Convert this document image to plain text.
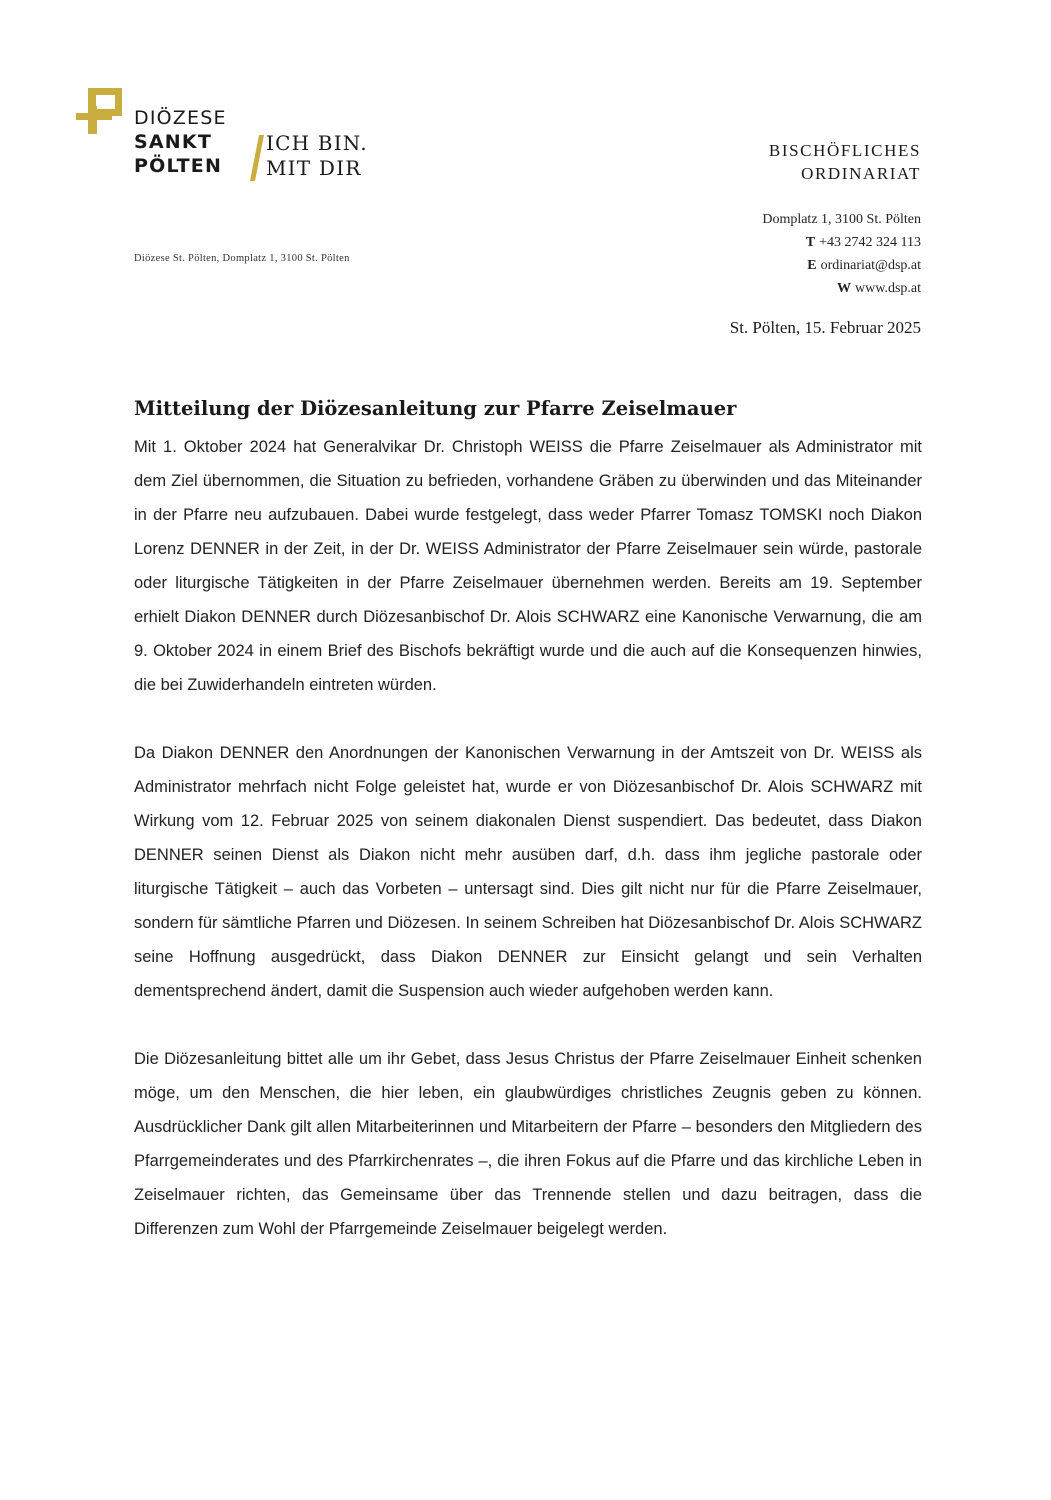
DIÖZESE
SANKT
PÖLTEN
ICH BIN.
MIT DIR
BISCHÖFLICHES
ORDINARIAT
Diözese St. Pölten, Domplatz 1, 3100 St. Pölten
Domplatz 1, 3100 St. Pölten
T +43 2742 324 113
E ordinariat@dsp.at
W www.dsp.at
St. Pölten, 15. Februar 2025
Mitteilung der Diözesanleitung zur Pfarre Zeiselmauer

Mit 1. Oktober 2024 hat Generalvikar Dr. Christoph WEISS die Pfarre Zeiselmauer als Administrator mit dem Ziel übernommen, die Situation zu befrieden, vorhandene Gräben zu überwinden und das Miteinander in der Pfarre neu aufzubauen. Dabei wurde festgelegt, dass weder Pfarrer Tomasz TOMSKI noch Diakon Lorenz DENNER in der Zeit, in der Dr. WEISS Administrator der Pfarre Zeiselmauer sein würde, pastorale oder liturgische Tätigkeiten in der Pfarre Zeiselmauer übernehmen werden. Bereits am 19. September erhielt Diakon DENNER durch Diözesanbischof Dr. Alois SCHWARZ eine Kanonische Verwarnung, die am 9. Oktober 2024 in einem Brief des Bischofs bekräftigt wurde und die auch auf die Konsequenzen hinwies, die bei Zuwiderhandeln eintreten würden.

Da Diakon DENNER den Anordnungen der Kanonischen Verwarnung in der Amtszeit von Dr. WEISS als Administrator mehrfach nicht Folge geleistet hat, wurde er von Diözesanbischof Dr. Alois SCHWARZ mit Wirkung vom 12. Februar 2025 von seinem diakonalen Dienst suspendiert. Das bedeutet, dass Diakon DENNER seinen Dienst als Diakon nicht mehr ausüben darf, d.h. dass ihm jegliche pastorale oder liturgische Tätigkeit – auch das Vorbeten – untersagt sind. Dies gilt nicht nur für die Pfarre Zeiselmauer, sondern für sämtliche Pfarren und Diözesen. In seinem Schreiben hat Diözesanbischof Dr. Alois SCHWARZ seine Hoffnung ausgedrückt, dass Diakon DENNER zur Einsicht gelangt und sein Verhalten dementsprechend ändert, damit die Suspension auch wieder aufgehoben werden kann.

Die Diözesanleitung bittet alle um ihr Gebet, dass Jesus Christus der Pfarre Zeiselmauer Einheit schenken möge, um den Menschen, die hier leben, ein glaubwürdiges christliches Zeugnis geben zu können. Ausdrücklicher Dank gilt allen Mitarbeiterinnen und Mitarbeitern der Pfarre – besonders den Mitgliedern des Pfarrgemeinderates und des Pfarrkirchenrates –, die ihren Fokus auf die Pfarre und das kirchliche Leben in Zeiselmauer richten, das Gemeinsame über das Trennende stellen und dazu beitragen, dass die Differenzen zum Wohl der Pfarrgemeinde Zeiselmauer beigelegt werden.
